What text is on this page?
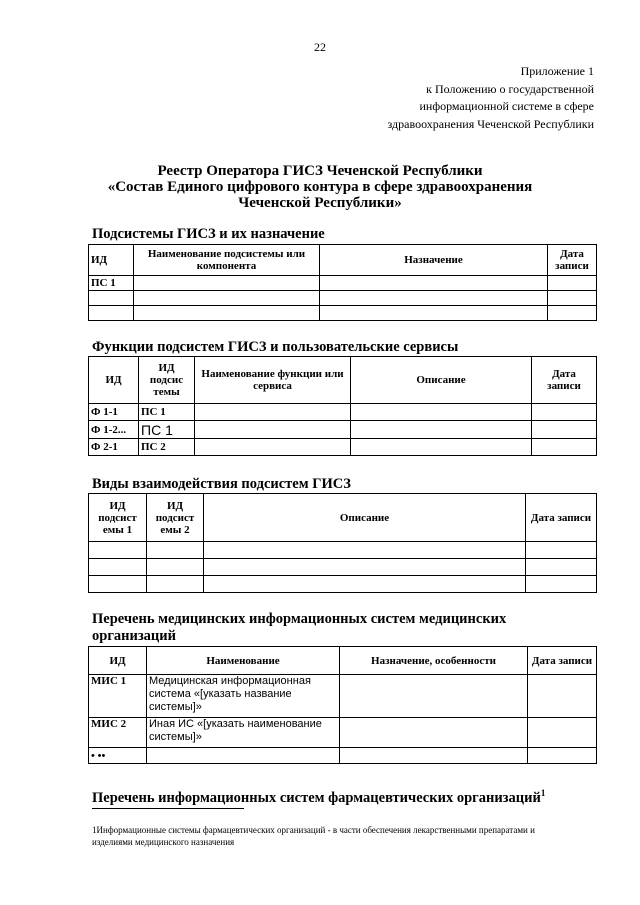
22
Приложение 1
к Положению о государственной
информационной системе в сфере
здравоохранения Чеченской Республики
Реестр Оператора ГИСЗ Чеченской Республики
«Состав Единого цифрового контура в сфере здравоохранения
Чеченской Республики»
Подсистемы ГИСЗ и их назначение
ИД	Наименование подсистемы или компонента	Назначение	Дата записи
ПС 1			

Функции подсистем ГИСЗ и пользовательские сервисы
ИД	ИД подсис темы	Наименование функции или сервиса	Описание	Дата записи
Ф 1-1	ПС 1			
Ф 1-2...	ПС 1			
Ф 2-1	ПС 2			
Виды взаимодействия подсистем ГИСЗ
ИД подсист емы 1	ИД подсист емы 2	Описание	Дата записи

Перечень медицинских информационных систем медицинских
организаций
ИД	Наименование	Назначение, особенности	Дата записи
МИС 1	Медицинская информационная система «[указать название системы]»		
МИС 2	Иная ИС «[указать наименование системы]»		
• ••			
Перечень информационных систем фармацевтических организаций$^1$
1Информационные системы фармацевтических организаций - в части обеспечения лекарственными препаратами и изделиями медицинского назначения
